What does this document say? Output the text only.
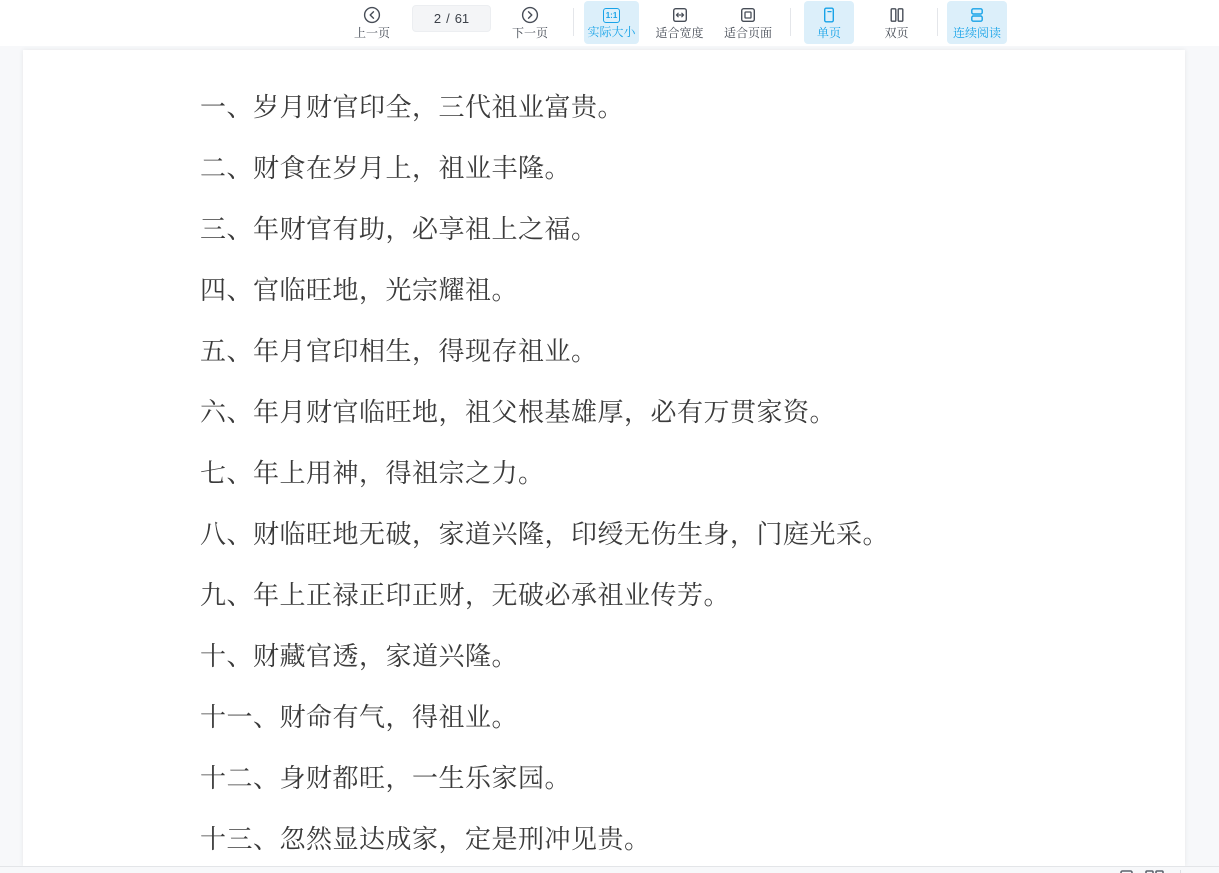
上一页
2 / 61
下一页
1:1
实际大小 适合宽度 适合页面	单页	双页	连续阅读

一、岁月财官印全，三代祖业富贵。

二、财食在岁月上，祖业丰隆。

三、年财官有助，必享祖上之福。

四、官临旺地，光宗耀祖。

五、年月官印相生，得现存祖业。

六、年月财官临旺地，祖父根基雄厚，必有万贯家资。

七、年上用神，得祖宗之力。

八、财临旺地无破，家道兴隆，印绶无伤生身，门庭光采。

九、年上正禄正印正财，无破必承祖业传芳。

十、财藏官透，家道兴隆。

十一、财命有气，得祖业。

十二、身财都旺，一生乐家园。

十三、忽然显达成家，定是刑冲见贵。
